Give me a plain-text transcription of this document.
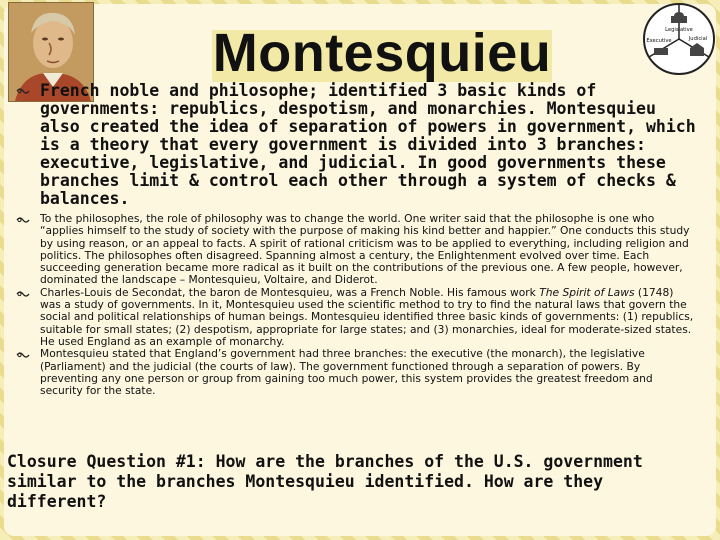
Montesquieu	Legislative
Executive	Judicial
French noble and philosophe; identified 3 basic kinds of governments: republics, despotism, and monarchies. Montesquieu also created the idea of separation of powers in government, which is a theory that every government is divided into 3 branches: executive, legislative, and judicial. In good governments these branches limit & control each other through a system of checks & balances.
To the philosophes, the role of philosophy was to change the world. One writer said that the philosophe is one who “applies himself to the study of society with the purpose of making his kind better and happier.” One conducts this study by using reason, or an appeal to facts. A spirit of rational criticism was to be applied to everything, including religion and politics. The philosophes often disagreed. Spanning almost a century, the Enlightenment evolved over time. Each succeeding generation became more radical as it built on the contributions of the previous one. A few people, however, dominated the landscape – Montesquieu, Voltaire, and Diderot.
Charles-Louis de Secondat, the baron de Montesquieu, was a French Noble. His famous work The Spirit of Laws (1748) was a study of governments. In it, Montesquieu used the scientific method to try to find the natural laws that govern the social and political relationships of human beings. Montesquieu identified three basic kinds of governments: (1) republics, suitable for small states; (2) despotism, appropriate for large states; and (3) monarchies, ideal for moderate-sized states. He used England as an example of monarchy.
Montesquieu stated that England’s government had three branches: the executive (the monarch), the legislative (Parliament) and the judicial (the courts of law). The government functioned through a separation of powers. By preventing any one person or group from gaining too much power, this system provides the greatest freedom and security for the state.
Closure Question #1: How are the branches of the U.S. government similar to the branches Montesquieu identified. How are they different?
